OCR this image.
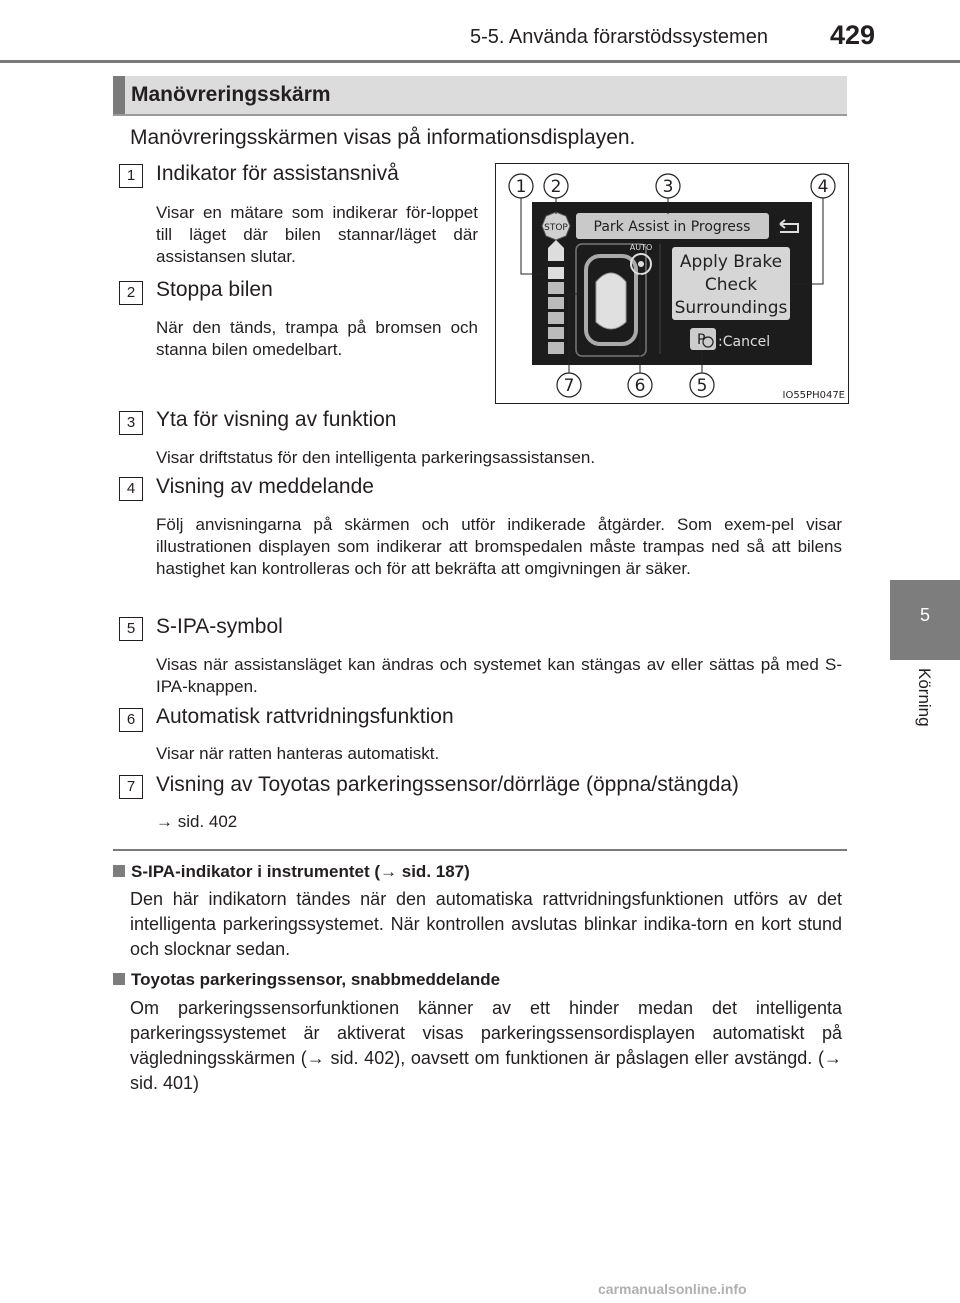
5-5. Använda förarstödssystemen 429
5
Körning
Manövreringsskärm
Manövreringsskärmen visas på informationsdisplayen.
1 Indikator för assistansnivå
Visar en mätare som indikerar för-loppet till läget där bilen stannar/läget där assistansen slutar.
2 Stoppa bilen
När den tänds, trampa på bromsen och stanna bilen omedelbart.
Park Assist in Progress
STOP
AUTO
Apply Brake
Check
Surroundings
P :Cancel
1 2	3	4
7	6	5	IO55PH047E
3 Yta för visning av funktion
Visar driftstatus för den intelligenta parkeringsassistansen.
4 Visning av meddelande
Följ anvisningarna på skärmen och utför indikerade åtgärder. Som exem-pel visar illustrationen displayen som indikerar att bromspedalen måste trampas ned så att bilens hastighet kan kontrolleras och för att bekräfta att omgivningen är säker.
5 S-IPA-symbol
Visas när assistansläget kan ändras och systemet kan stängas av eller sättas på med S-IPA-knappen.
6 Automatisk rattvridningsfunktion
Visar när ratten hanteras automatiskt.
7 Visning av Toyotas parkeringssensor/dörrläge (öppna/stängda)
→ sid. 402
S-IPA-indikator i instrumentet (→ sid. 187)
Den här indikatorn tändes när den automatiska rattvridningsfunktionen utförs av det intelligenta parkeringssystemet. När kontrollen avslutas blinkar indika-torn en kort stund och slocknar sedan.
Toyotas parkeringssensor, snabbmeddelande
Om parkeringssensorfunktionen känner av ett hinder medan det intelligenta parkeringssystemet är aktiverat visas parkeringssensordisplayen automatiskt på vägledningsskärmen (→ sid. 402), oavsett om funktionen är påslagen eller avstängd. (→ sid. 401)
carmanualsonline.info
